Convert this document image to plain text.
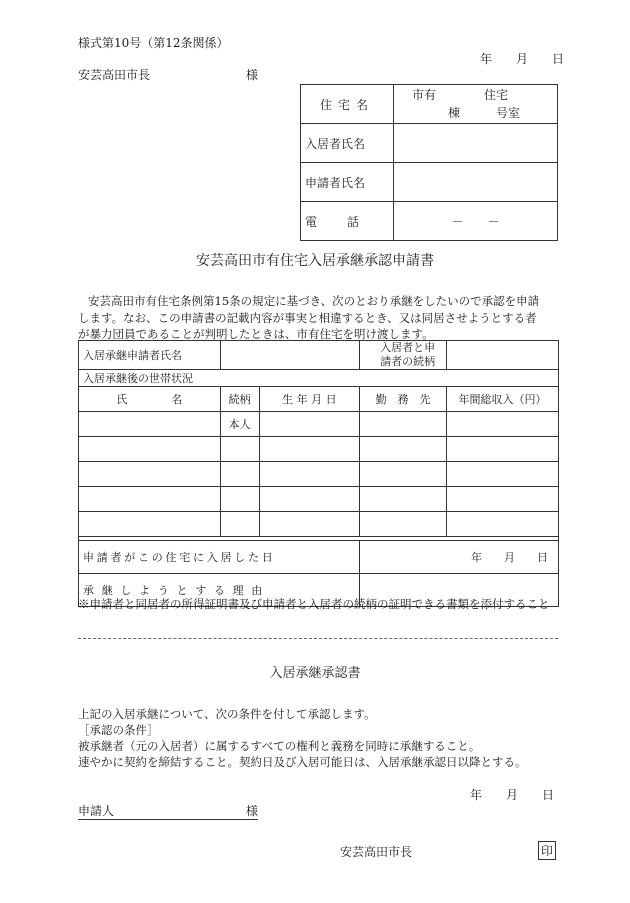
様式第10号（第12条関係）
年　　月　　日
安芸高田市長　　　　　　　　様
住宅名	市有　　　　住宅
棟　　　号室

入居者氏名	
申請者氏名	
電話	－　　－
安芸高田市有住宅入居承継承認申請書
安芸高田市有住宅条例第15条の規定に基づき、次のとおり承継をしたいので承認を申請
します。なお、この申請書の記載内容が事実と相違するとき、又は同居させようとする者
が暴力団員であることが判明したときは、市有住宅を明け渡します。
入居承継申請者氏名			入居者と申
請者の続柄	

入居承継後の世帯状況				
氏　　　　名	続柄	生 年 月 日	勤　務　先	年間総収入（円）
	本人			

申請者がこの住宅に入居した日			年　　月　　日	
承継しようとする理由				
※申請者と同居者の所得証明書及び申請者と入居者の続柄の証明できる書類を添付すること
入居承継承認書
上記の入居承継について、次の条件を付して承認します。
［承認の条件］
被承継者（元の入居者）に属するすべての権利と義務を同時に承継すること。
速やかに契約を締結すること。契約日及び入居可能日は、入居承継承認日以降とする。
年　　月　　日
申請人　　　　　　　　　　　様
安芸高田市長	印
